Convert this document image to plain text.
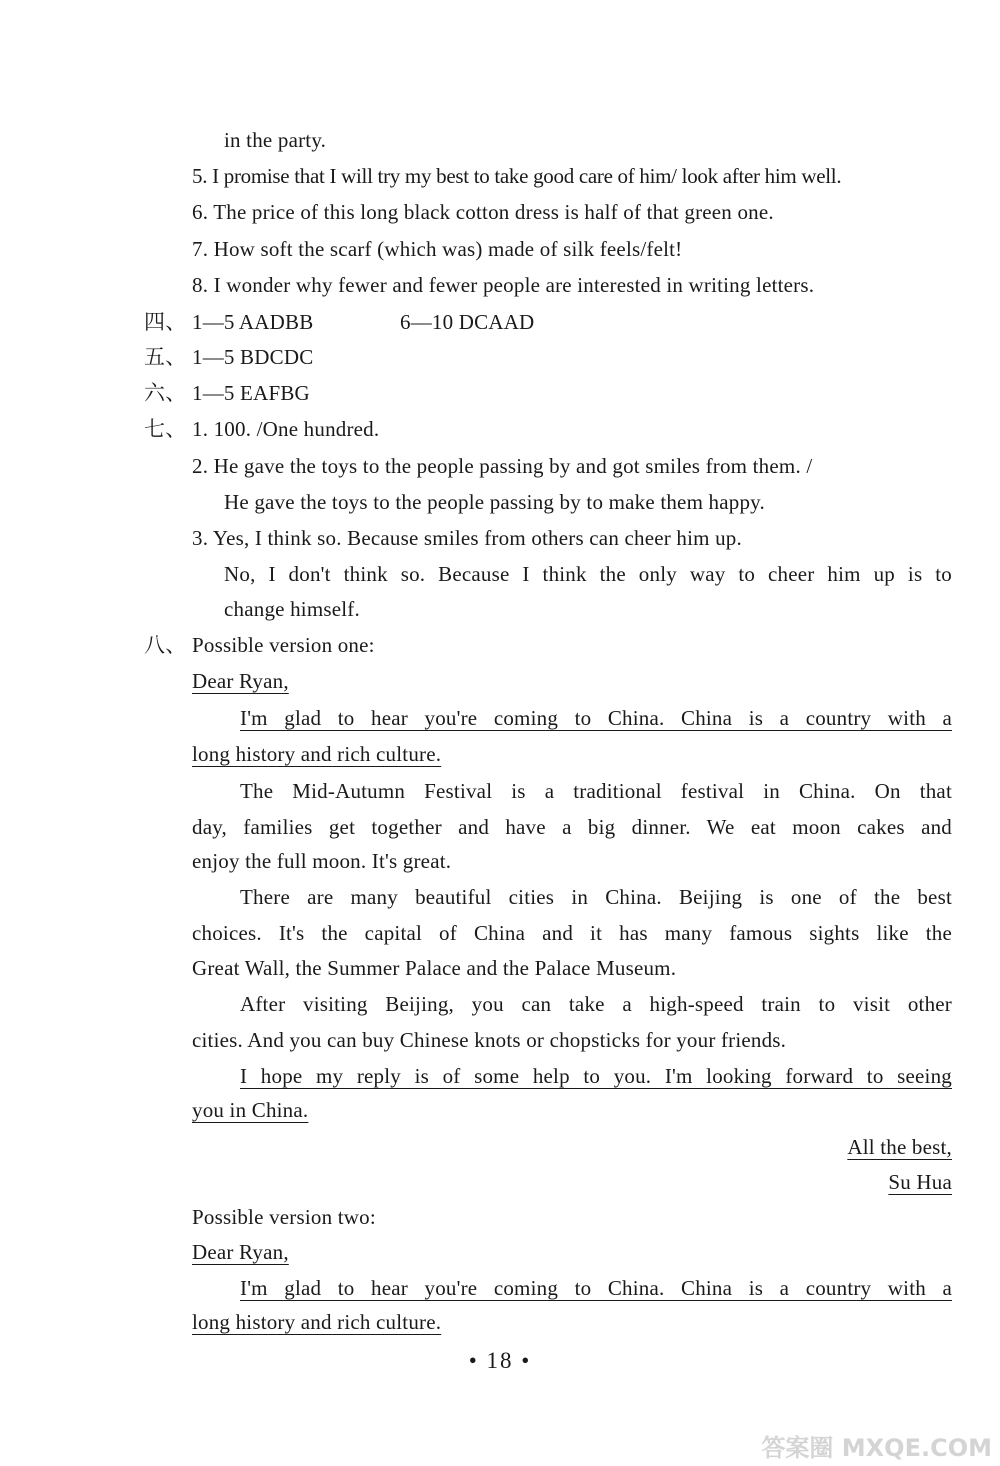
in the party.
5. I promise that I will try my best to take good care of him/ look after him well.
6. The price of this long black cotton dress is half of that green one.
7. How soft the scarf (which was) made of silk feels/felt!
8. I wonder why fewer and fewer people are interested in writing letters.
四、 1—5 AADBB	6—10 DCAAD
五、 1—5 BDCDC
六、 1—5 EAFBG
七、 1. 100. /One hundred.
2. He gave the toys to the people passing by and got smiles from them. /
He gave the toys to the people passing by to make them happy.
3. Yes, I think so. Because smiles from others can cheer him up.
No, I don't think so. Because I think the only way to cheer him up is to
change himself.
八、 Possible version one:
Dear Ryan,
I'm glad to hear you're coming to China. China is a country with a
long history and rich culture.
The Mid-Autumn Festival is a traditional festival in China. On that
day, families get together and have a big dinner. We eat moon cakes and
enjoy the full moon. It's great.
There are many beautiful cities in China. Beijing is one of the best
choices. It's the capital of China and it has many famous sights like the
Great Wall, the Summer Palace and the Palace Museum.
After visiting Beijing, you can take a high-speed train to visit other
cities. And you can buy Chinese knots or chopsticks for your friends.
I hope my reply is of some help to you. I'm looking forward to seeing
you in China.
All the best,
Su Hua
Possible version two:
Dear Ryan,
I'm glad to hear you're coming to China. China is a country with a
long history and rich culture.
• 18 •
答案圈 MXQE.COM
